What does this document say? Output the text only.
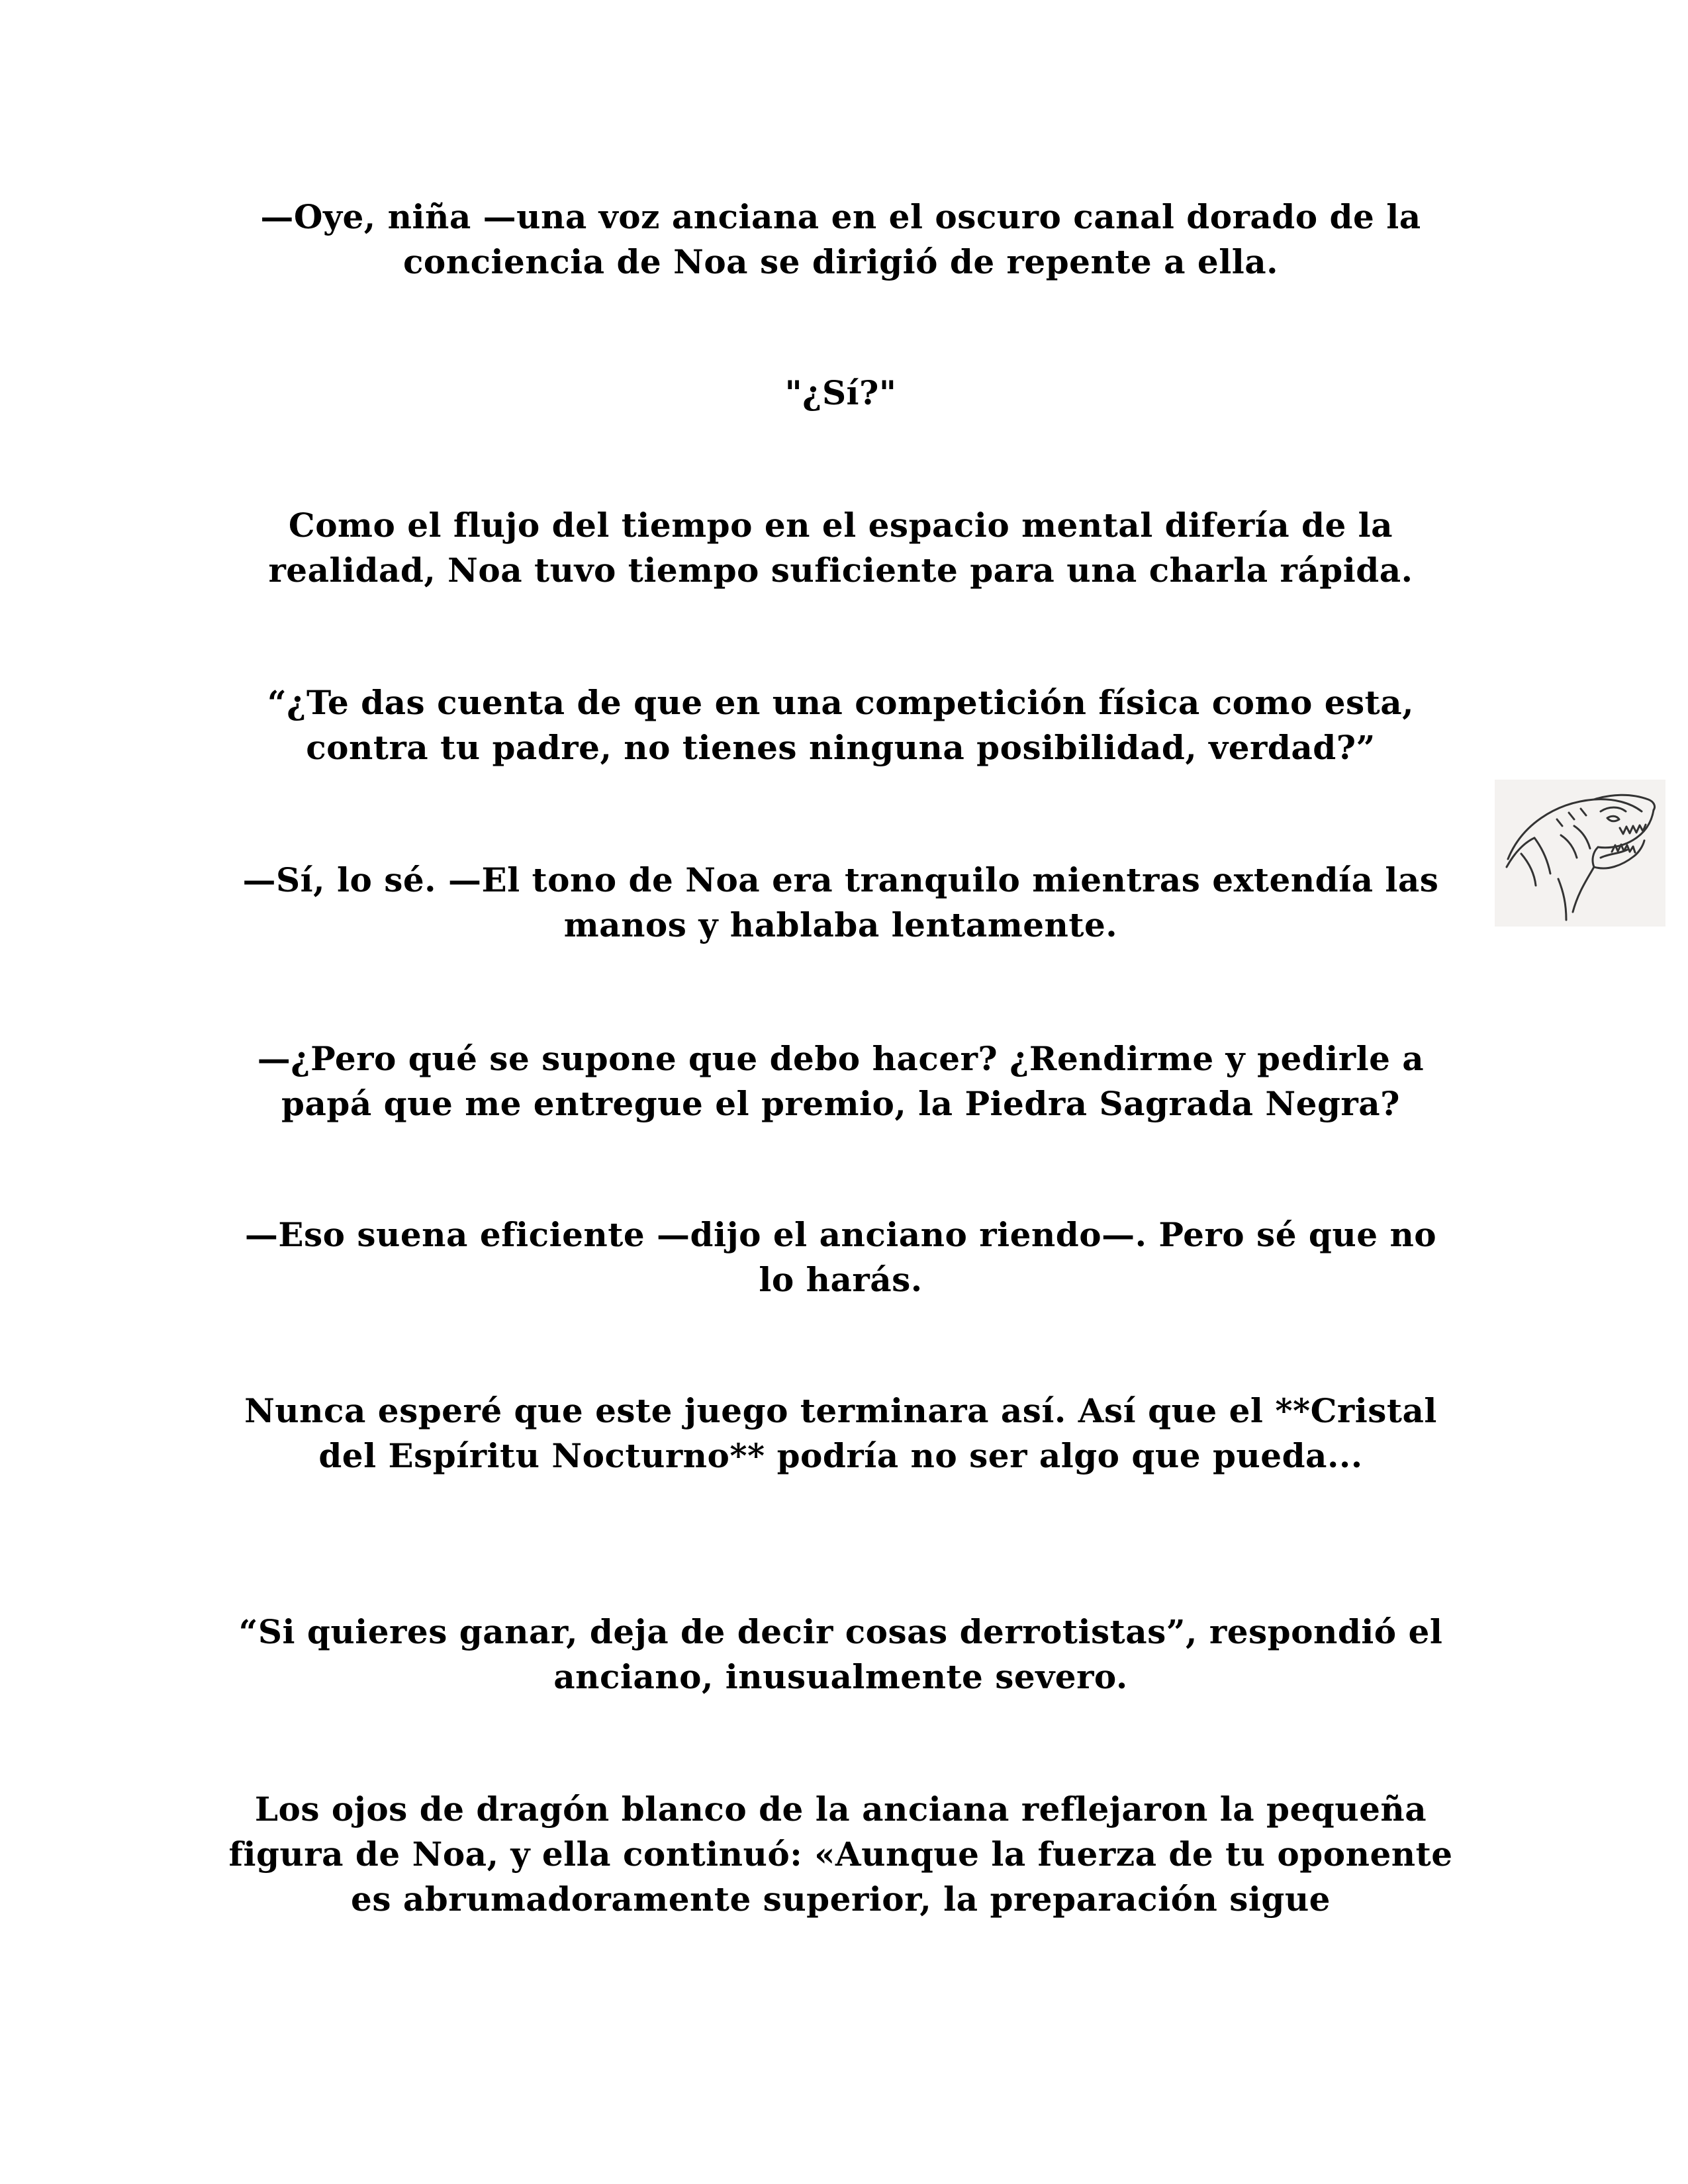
—Oye, niña —una voz anciana en el oscuro canal dorado de la conciencia de Noa se dirigió de repente a ella.

"¿Sí?"

Como el flujo del tiempo en el espacio mental difería de la realidad, Noa tuvo tiempo suficiente para una charla rápida.

“¿Te das cuenta de que en una competición física como esta, contra tu padre, no tienes ninguna posibilidad, verdad?”

—Sí, lo sé. —El tono de Noa era tranquilo mientras extendía las manos y hablaba lentamente.

—¿Pero qué se supone que debo hacer? ¿Rendirme y pedirle a papá que me entregue el premio, la Piedra Sagrada Negra?

—Eso suena eficiente —dijo el anciano riendo—. Pero sé que no lo harás.

Nunca esperé que este juego terminara así. Así que el **Cristal del Espíritu Nocturno** podría no ser algo que pueda...

“Si quieres ganar, deja de decir cosas derrotistas”, respondió el anciano, inusualmente severo.

Los ojos de dragón blanco de la anciana reflejaron la pequeña figura de Noa, y ella continuó: «Aunque la fuerza de tu oponente es abrumadoramente superior, la preparación sigue
